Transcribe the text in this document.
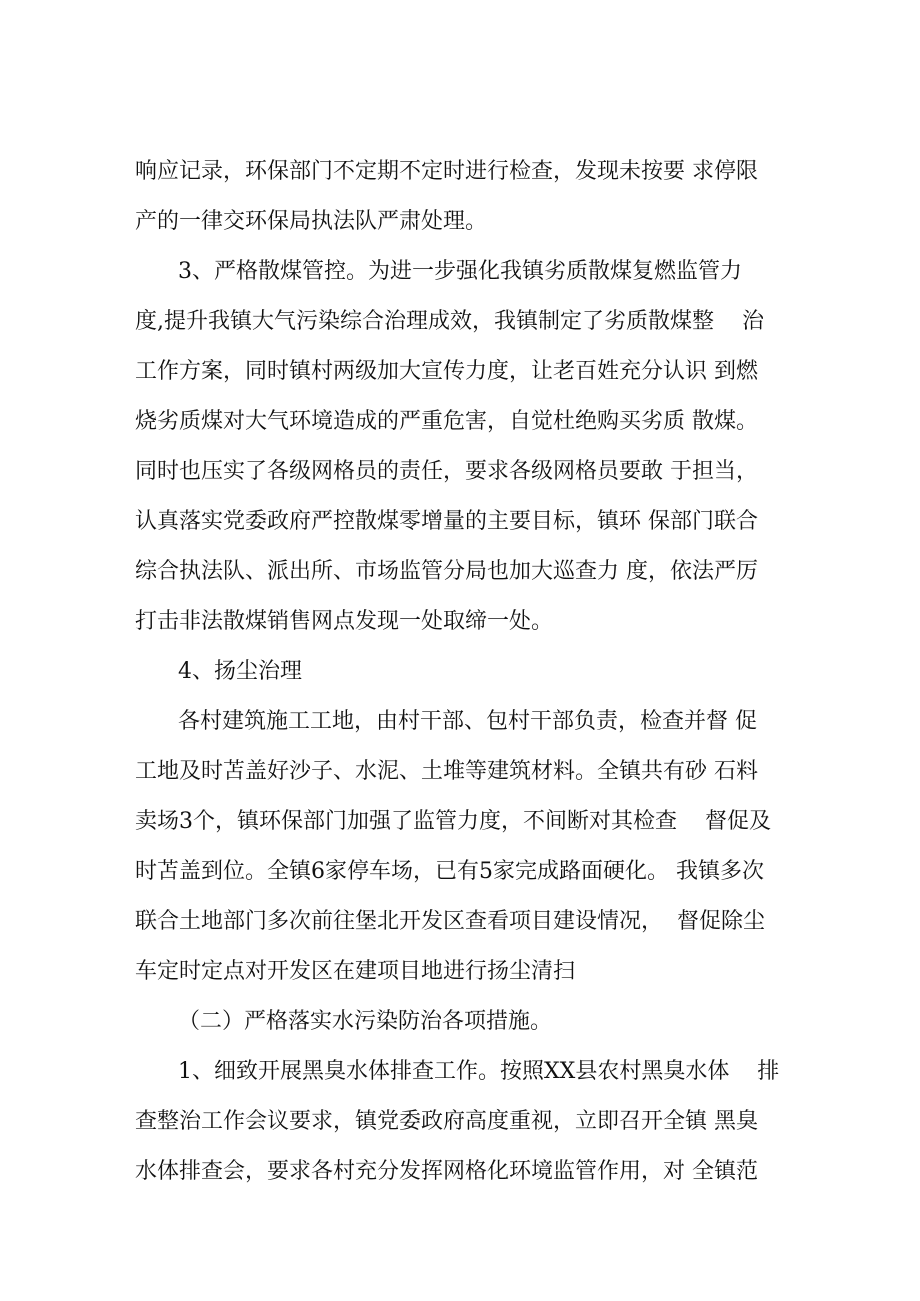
响应记录，环保部门不定期不定时进行检查，发现未按要 求停限
产的一律交环保局执法队严肃处理。
3、严格散煤管控。为进一步强化我镇劣质散煤复燃监管力
度,提升我镇大气污染综合治理成效，我镇制定了劣质散煤整    治
工作方案，同时镇村两级加大宣传力度，让老百姓充分认识 到燃
烧劣质煤对大气环境造成的严重危害，自觉杜绝购买劣质 散煤。
同时也压实了各级网格员的责任，要求各级网格员要敢 于担当，
认真落实党委政府严控散煤零增量的主要目标，镇环 保部门联合
综合执法队、派出所、市场监管分局也加大巡查力 度，依法严厉
打击非法散煤销售网点发现一处取缔一处。
4、扬尘治理
各村建筑施工工地，由村干部、包村干部负责，检查并督 促
工地及时苫盖好沙子、水泥、土堆等建筑材料。全镇共有砂 石料
卖场3个，镇环保部门加强了监管力度，不间断对其检查    督促及
时苫盖到位。全镇6家停车场，已有5家完成路面硬化。 我镇多次
联合土地部门多次前往堡北开发区查看项目建设情况，  督促除尘
车定时定点对开发区在建项目地进行扬尘清扫
（二）严格落实水污染防治各项措施。
1、细致开展黑臭水体排查工作。按照XX县农村黑臭水体    排
查整治工作会议要求，镇党委政府高度重视，立即召开全镇 黑臭
水体排查会，要求各村充分发挥网格化环境监管作用，对 全镇范
